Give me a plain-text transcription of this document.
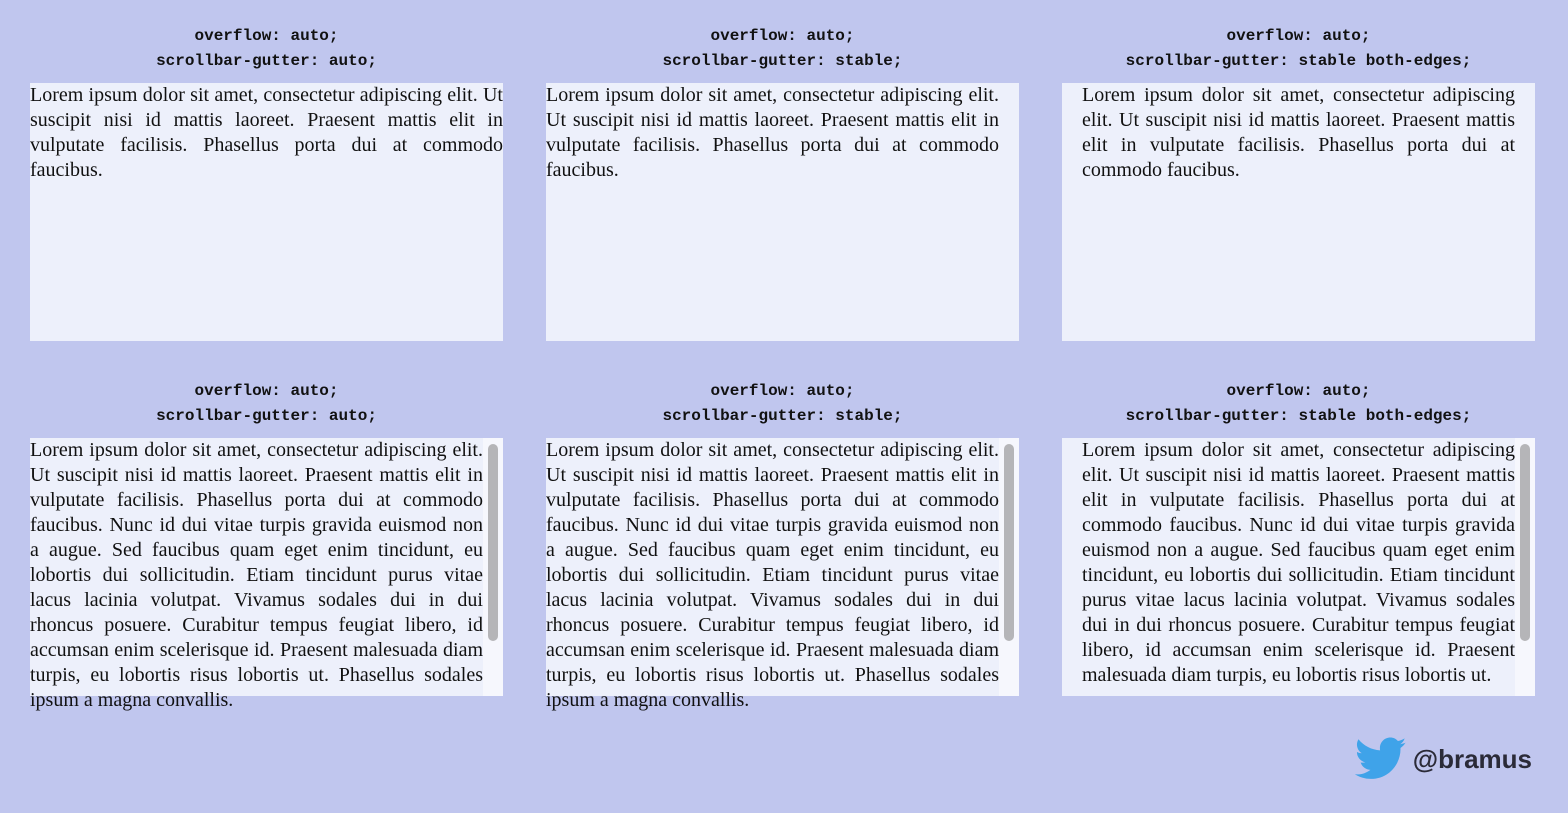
overflow: auto;
scrollbar-gutter: auto;

Lorem ipsum dolor sit amet, consectetur adipiscing elit. Ut suscipit nisi id mattis laoreet. Praesent mattis elit in vulputate facilisis. Phasellus porta dui at commodo faucibus.

overflow: auto;
scrollbar-gutter: stable;

Lorem ipsum dolor sit amet, consectetur adipiscing elit. Ut suscipit nisi id mattis laoreet. Praesent mattis elit in vulputate facilisis. Phasellus porta dui at commodo faucibus.

overflow: auto;
scrollbar-gutter: stable both-edges;

Lorem ipsum dolor sit amet, consectetur adipiscing elit. Ut suscipit nisi id mattis laoreet. Praesent mattis elit in vulputate facilisis. Phasellus porta dui at commodo faucibus.

overflow: auto;
scrollbar-gutter: auto;

Lorem ipsum dolor sit amet, consectetur adipiscing elit. Ut suscipit nisi id mattis laoreet. Praesent mattis elit in vulputate facilisis. Phasellus porta dui at commodo faucibus. Nunc id dui vitae turpis gravida euismod non a augue. Sed faucibus quam eget enim tincidunt, eu lobortis dui sollicitudin. Etiam tincidunt purus vitae lacus lacinia volutpat. Vivamus sodales dui in dui rhoncus posuere. Curabitur tempus feugiat libero, id accumsan enim scelerisque id. Praesent malesuada diam turpis, eu lobortis risus lobortis ut. Phasellus sodales ipsum a magna convallis.

overflow: auto;
scrollbar-gutter: stable;

Lorem ipsum dolor sit amet, consectetur adipiscing elit. Ut suscipit nisi id mattis laoreet. Praesent mattis elit in vulputate facilisis. Phasellus porta dui at commodo faucibus. Nunc id dui vitae turpis gravida euismod non a augue. Sed faucibus quam eget enim tincidunt, eu lobortis dui sollicitudin. Etiam tincidunt purus vitae lacus lacinia volutpat. Vivamus sodales dui in dui rhoncus posuere. Curabitur tempus feugiat libero, id accumsan enim scelerisque id. Praesent malesuada diam turpis, eu lobortis risus lobortis ut. Phasellus sodales ipsum a magna convallis.

overflow: auto;
scrollbar-gutter: stable both-edges;

Lorem ipsum dolor sit amet, consectetur adipiscing elit. Ut suscipit nisi id mattis laoreet. Praesent mattis elit in vulputate facilisis. Phasellus porta dui at commodo faucibus. Nunc id dui vitae turpis gravida euismod non a augue. Sed faucibus quam eget enim tincidunt, eu lobortis dui sollicitudin. Etiam tincidunt purus vitae lacus lacinia volutpat. Vivamus sodales dui in dui rhoncus posuere. Curabitur tempus feugiat libero, id accumsan enim scelerisque id. Praesent malesuada diam turpis, eu lobortis risus lobortis ut.

@bramus
